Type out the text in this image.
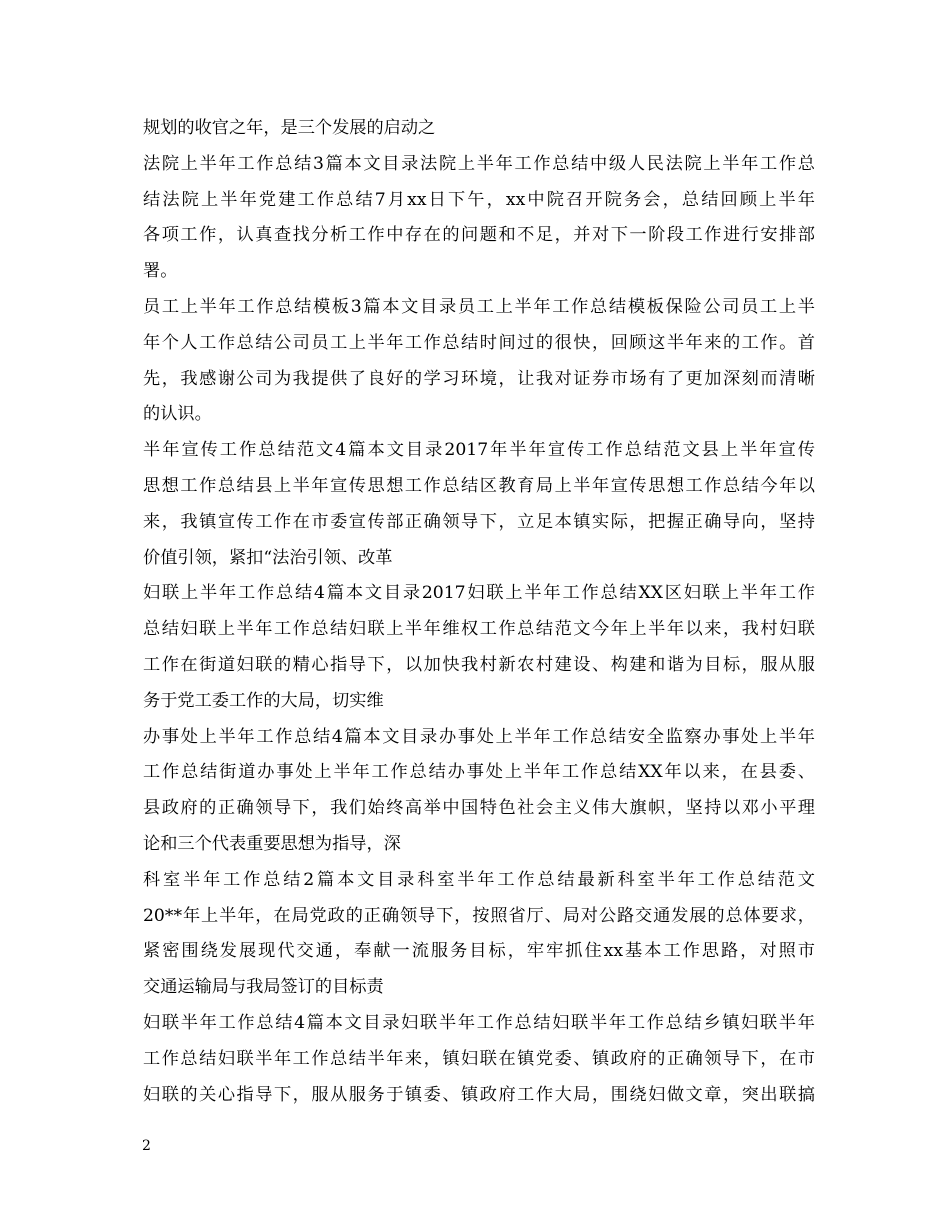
规划的收官之年，是三个发展的启动之
法院上半年工作总结3篇本文目录法院上半年工作总结中级人民法院上半年工作总
结法院上半年党建工作总结7月xx日下午，xx中院召开院务会，总结回顾上半年
各项工作，认真查找分析工作中存在的问题和不足，并对下一阶段工作进行安排部
署。
员工上半年工作总结模板3篇本文目录员工上半年工作总结模板保险公司员工上半
年个人工作总结公司员工上半年工作总结时间过的很快，回顾这半年来的工作。首
先，我感谢公司为我提供了良好的学习环境，让我对证券市场有了更加深刻而清晰
的认识。
半年宣传工作总结范文4篇本文目录2017年半年宣传工作总结范文县上半年宣传
思想工作总结县上半年宣传思想工作总结区教育局上半年宣传思想工作总结今年以
来，我镇宣传工作在市委宣传部正确领导下，立足本镇实际，把握正确导向，坚持
价值引领，紧扣“法治引领、改革
妇联上半年工作总结4篇本文目录2017妇联上半年工作总结XX区妇联上半年工作
总结妇联上半年工作总结妇联上半年维权工作总结范文今年上半年以来，我村妇联
工作在街道妇联的精心指导下，以加快我村新农村建设、构建和谐为目标，服从服
务于党工委工作的大局，切实维
办事处上半年工作总结4篇本文目录办事处上半年工作总结安全监察办事处上半年
工作总结街道办事处上半年工作总结办事处上半年工作总结XX年以来，在县委、
县政府的正确领导下，我们始终高举中国特色社会主义伟大旗帜，坚持以邓小平理
论和三个代表重要思想为指导，深
科室半年工作总结2篇本文目录科室半年工作总结最新科室半年工作总结范文
20**年上半年，在局党政的正确领导下，按照省厅、局对公路交通发展的总体要求，
紧密围绕发展现代交通，奉献一流服务目标，牢牢抓住xx基本工作思路，对照市
交通运输局与我局签订的目标责
妇联半年工作总结4篇本文目录妇联半年工作总结妇联半年工作总结乡镇妇联半年
工作总结妇联半年工作总结半年来，镇妇联在镇党委、镇政府的正确领导下，在市
妇联的关心指导下，服从服务于镇委、镇政府工作大局，围绕妇做文章，突出联搞
2
